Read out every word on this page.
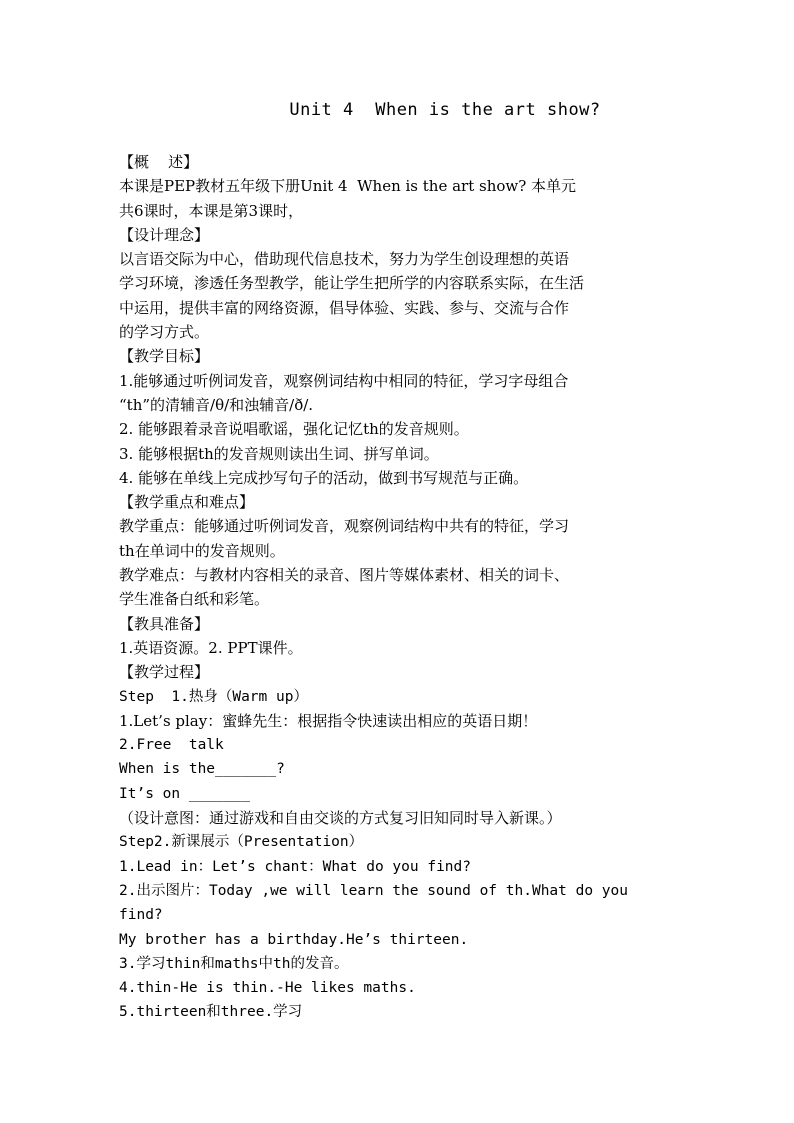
Unit 4  When is the art show?
【概    述】
本课是PEP教材五年级下册Unit 4  When is the art show? 本单元
共6课时，本课是第3课时，
【设计理念】
以言语交际为中心，借助现代信息技术，努力为学生创设理想的英语
学习环境，渗透任务型教学，能让学生把所学的内容联系实际，在生活
中运用，提供丰富的网络资源，倡导体验、实践、参与、交流与合作
的学习方式。
【教学目标】
1.能够通过听例词发音，观察例词结构中相同的特征，学习字母组合
“th”的清辅音/θ/和浊辅音/ð/.
2. 能够跟着录音说唱歌谣，强化记忆th的发音规则。
3. 能够根据th的发音规则读出生词、拼写单词。
4. 能够在单线上完成抄写句子的活动，做到书写规范与正确。
【教学重点和难点】
教学重点：能够通过听例词发音，观察例词结构中共有的特征，学习
th在单词中的发音规则。
教学难点：与教材内容相关的录音、图片等媒体素材、相关的词卡、
学生准备白纸和彩笔。
【教具准备】
1.英语资源。2. PPT课件。
【教学过程】
Step  1.热身（Warm up）
1.Let’s play：蜜蜂先生：根据指令快速读出相应的英语日期！
2.Free  talk
When is the_______?
It’s on _______
（设计意图：通过游戏和自由交谈的方式复习旧知同时导入新课。）
Step2.新课展示（Presentation）
1.Lead in：Let’s chant：What do you find?
2.出示图片：Today ,we will learn the sound of th.What do you
find?
My brother has a birthday.He’s thirteen.
3.学习thin和maths中th的发音。
4.thin-He is thin.-He likes maths.
5.thirteen和three.学习
